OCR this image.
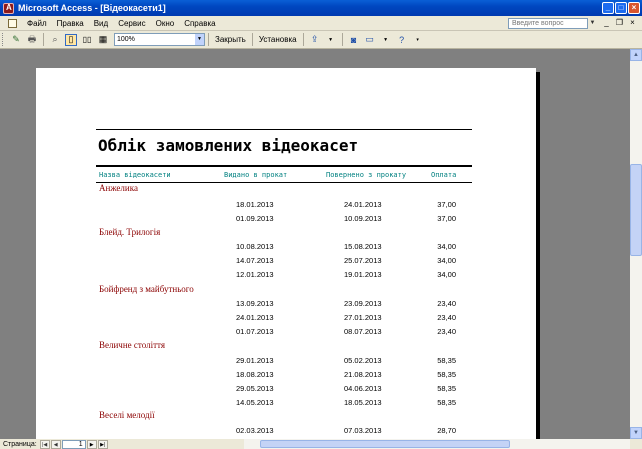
A
Microsoft Access - [Відеокасети1]	_	□	×
Файл	Правка	Вид	Сервис	Окно	Справка	Введите вопрос	▼	_ ❐ ×
✎ 🖶	⌕	▯	▯▯ ▦	100%	▼	Закрыть	Установка	⇪	▼	◙	▭	▼	?	▾
Облік замовлених відеокасет
Назва відеокасети	Видано в прокат	Повернено з прокату	Оплата
Анжелика
18.01.2013	24.01.2013	37,00
01.09.2013	10.09.2013	37,00
Блейд. Трилогія
10.08.2013	15.08.2013	34,00
14.07.2013	25.07.2013	34,00
12.01.2013	19.01.2013	34,00
Бойфренд з майбутнього
13.09.2013	23.09.2013	23,40
24.01.2013	27.01.2013	23,40
01.07.2013	08.07.2013	23,40
Величне століття
29.01.2013	05.02.2013	58,35
18.08.2013	21.08.2013	58,35
29.05.2013	04.06.2013	58,35
14.05.2013	18.05.2013	58,35
Веселі мелодії
02.03.2013	07.03.2013	28,70
▲
▼
Страница:	|◀	◀	1	▶	▶|
